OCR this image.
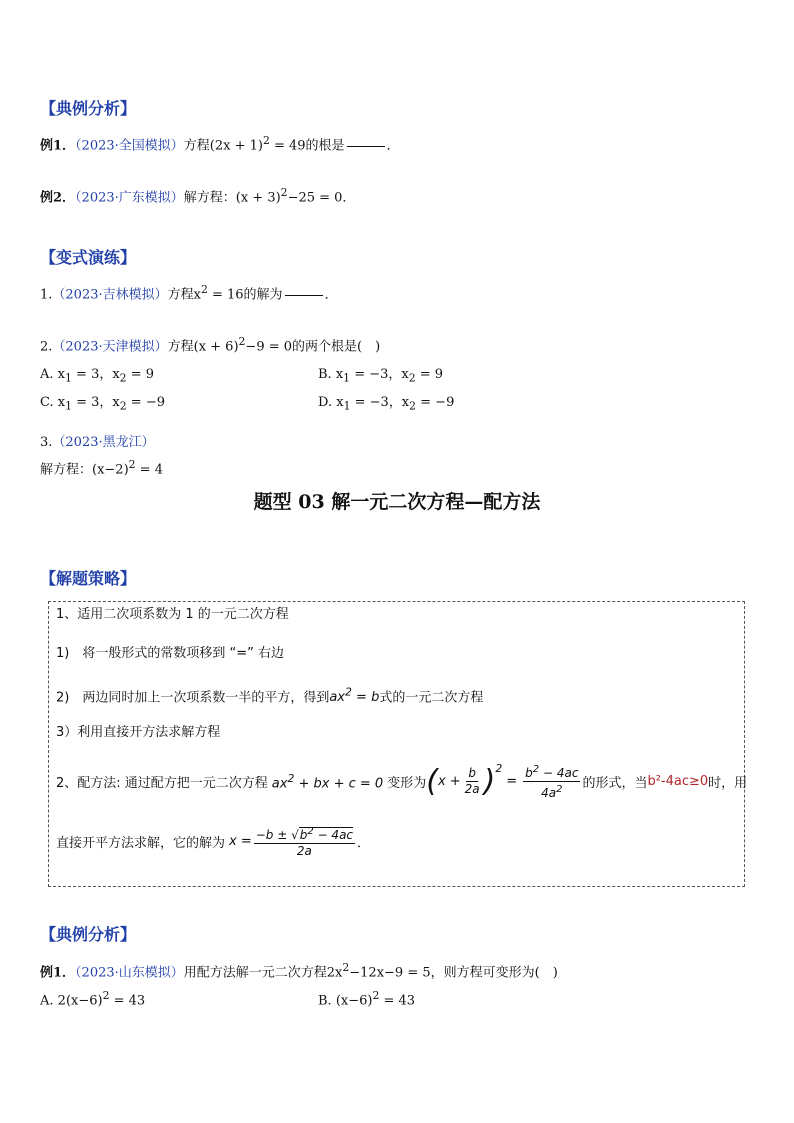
【典例分析】
例1．（2023·全国模拟）方程$(2x + 1)^2 = 49$的根是	．
例2．（2023·广东模拟）解方程：$(x + 3)^2-25 = 0$．
【变式演练】
1.（2023·吉林模拟）方程$x^2 = 16$的解为	．
2.（2023·天津模拟）方程$(x + 6)^2-9 = 0$的两个根是(　)
A. $x_1 = 3$，$x_2 = 9$	B. $x_1 = -3$，$x_2 = 9$
C. $x_1 = 3$，$x_2 = -9$	D. $x_1 = -3$，$x_2 = -9$
3.（2023·黑龙江）
解方程：$(x-2)^2 = 4$
题型 03 解一元二次方程—配方法
【解题策略】
1、适用二次项系数为 1 的一元二次方程
1)　将一般形式的常数项移到 “=” 右边
2)　两边同时加上一次项系数一半的平方，得到$ax^2 = b$式的一元二次方程
3）利用直接开方法求解方程
2、配方法: 通过配方把一元二次方程 $ax^2$ + bx + c = 0 变形为 ( $x + \frac{b}{2a} )^2$
= $\frac{b^2 - 4ac}{4a^2}$ 的形式，当 b²-4ac≥0 时，用
直接开平方法求解，它的解为 $x = \frac{-b \pm √b^2 - 4ac}{2a}$ ．
【典例分析】
例1．（2023·山东模拟）用配方法解一元二次方程$2x^2-12x-9 = 5$，则方程可变形为(　)
A. $2(x-6)^2 = 43$	B. $(x-6)^2 = 43$
